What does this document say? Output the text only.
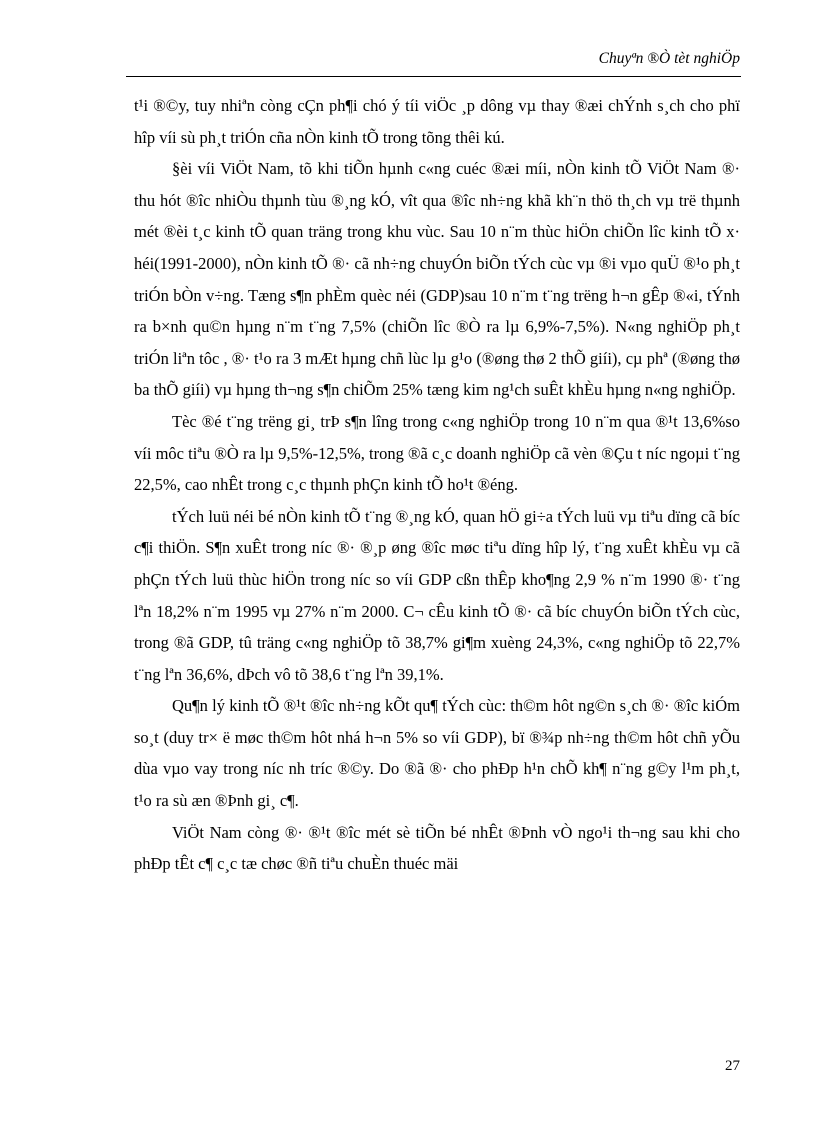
Chuyªn ®Ò tèt nghiÖp

t¹i ®©y, tuy nhiªn còng cÇn ph¶i chó ý tíi viÖc ¸p dông vµ thay ®æi chÝnh s¸ch cho phï hîp víi sù ph¸t triÓn cña nÒn kinh tÕ trong tõng thêi kú.

§èi víi ViÖt Nam, tõ khi tiÕn hµnh c«ng cuéc ®æi míi, nÒn kinh tÕ ViÖt Nam ®· thu hót ®îc nhiÒu thµnh tùu ®¸ng kÓ, vît qua ®îc nh÷ng khã kh¨n thö th¸ch vµ trë thµnh mét ®èi t¸c kinh tÕ quan träng trong khu vùc. Sau 10 n¨m thùc hiÖn chiÕn lîc kinh tÕ x· héi(1991-2000), nÒn kinh tÕ ®· cã nh÷ng chuyÓn biÕn tÝch cùc vµ ®i vµo quÜ ®¹o ph¸t triÓn bÒn v÷ng. Tæng s¶n phÈm quèc néi (GDP)sau 10 n¨m t¨ng trëng h¬n gÊp ®«i, tÝnh ra b×nh qu©n hµng n¨m t¨ng 7,5% (chiÕn lîc ®Ò ra lµ 6,9%-7,5%). N«ng nghiÖp ph¸t triÓn liªn tôc , ®· t¹o ra 3 mÆt hµng chñ lùc lµ g¹o (®øng thø 2 thÕ giíi), cµ phª (®øng thø ba thÕ giíi) vµ hµng th¬ng s¶n chiÕm 25% tæng kim ng¹ch suÊt khÈu hµng n«ng nghiÖp.

Tèc ®é t¨ng trëng gi¸ trÞ s¶n lîng trong c«ng nghiÖp trong 10 n¨m qua ®¹t 13,6%so víi môc tiªu ®Ò ra lµ 9,5%-12,5%, trong ®ã c¸c doanh nghiÖp cã vèn ®Çu t níc ngoµi t¨ng 22,5%, cao nhÊt trong c¸c thµnh phÇn kinh tÕ ho¹t ®éng.

tÝch luü néi bé nÒn kinh tÕ t¨ng ®¸ng kÓ, quan hÖ gi÷a tÝch luü vµ tiªu dïng cã bíc c¶i thiÖn. S¶n xuÊt trong níc ®· ®¸p øng ®îc møc tiªu dïng hîp lý, t¨ng xuÊt khÈu vµ cã phÇn tÝch luü thùc hiÖn trong níc so víi GDP cßn thÊp kho¶ng 2,9 % n¨m 1990 ®· t¨ng lªn 18,2% n¨m 1995 vµ 27% n¨m 2000. C¬ cÊu kinh tÕ ®· cã bíc chuyÓn biÕn tÝch cùc, trong ®ã GDP, tû träng c«ng nghiÖp tõ 38,7% gi¶m xuèng 24,3%, c«ng nghiÖp tõ 22,7% t¨ng lªn 36,6%, dÞch vô tõ 38,6 t¨ng lªn 39,1%.

Qu¶n lý kinh tÕ ®¹t ®îc nh÷ng kÕt qu¶ tÝch cùc: th©m hôt ng©n s¸ch ®· ®îc kiÓm so¸t (duy tr× ë møc th©m hôt nhá h¬n 5% so víi GDP), bï ®¾p nh÷ng th©m hôt chñ yÕu dùa vµo vay trong níc nh tríc ®©y. Do ®ã ®· cho phÐp h¹n chÕ kh¶ n¨ng g©y l¹m ph¸t, t¹o ra sù æn ®Þnh gi¸ c¶.

ViÖt Nam còng ®· ®¹t ®îc mét sè tiÕn bé nhÊt ®Þnh vÒ ngo¹i th¬ng sau khi cho phÐp tÊt c¶ c¸c tæ chøc ®ñ tiªu chuÈn thuéc mäi

27
